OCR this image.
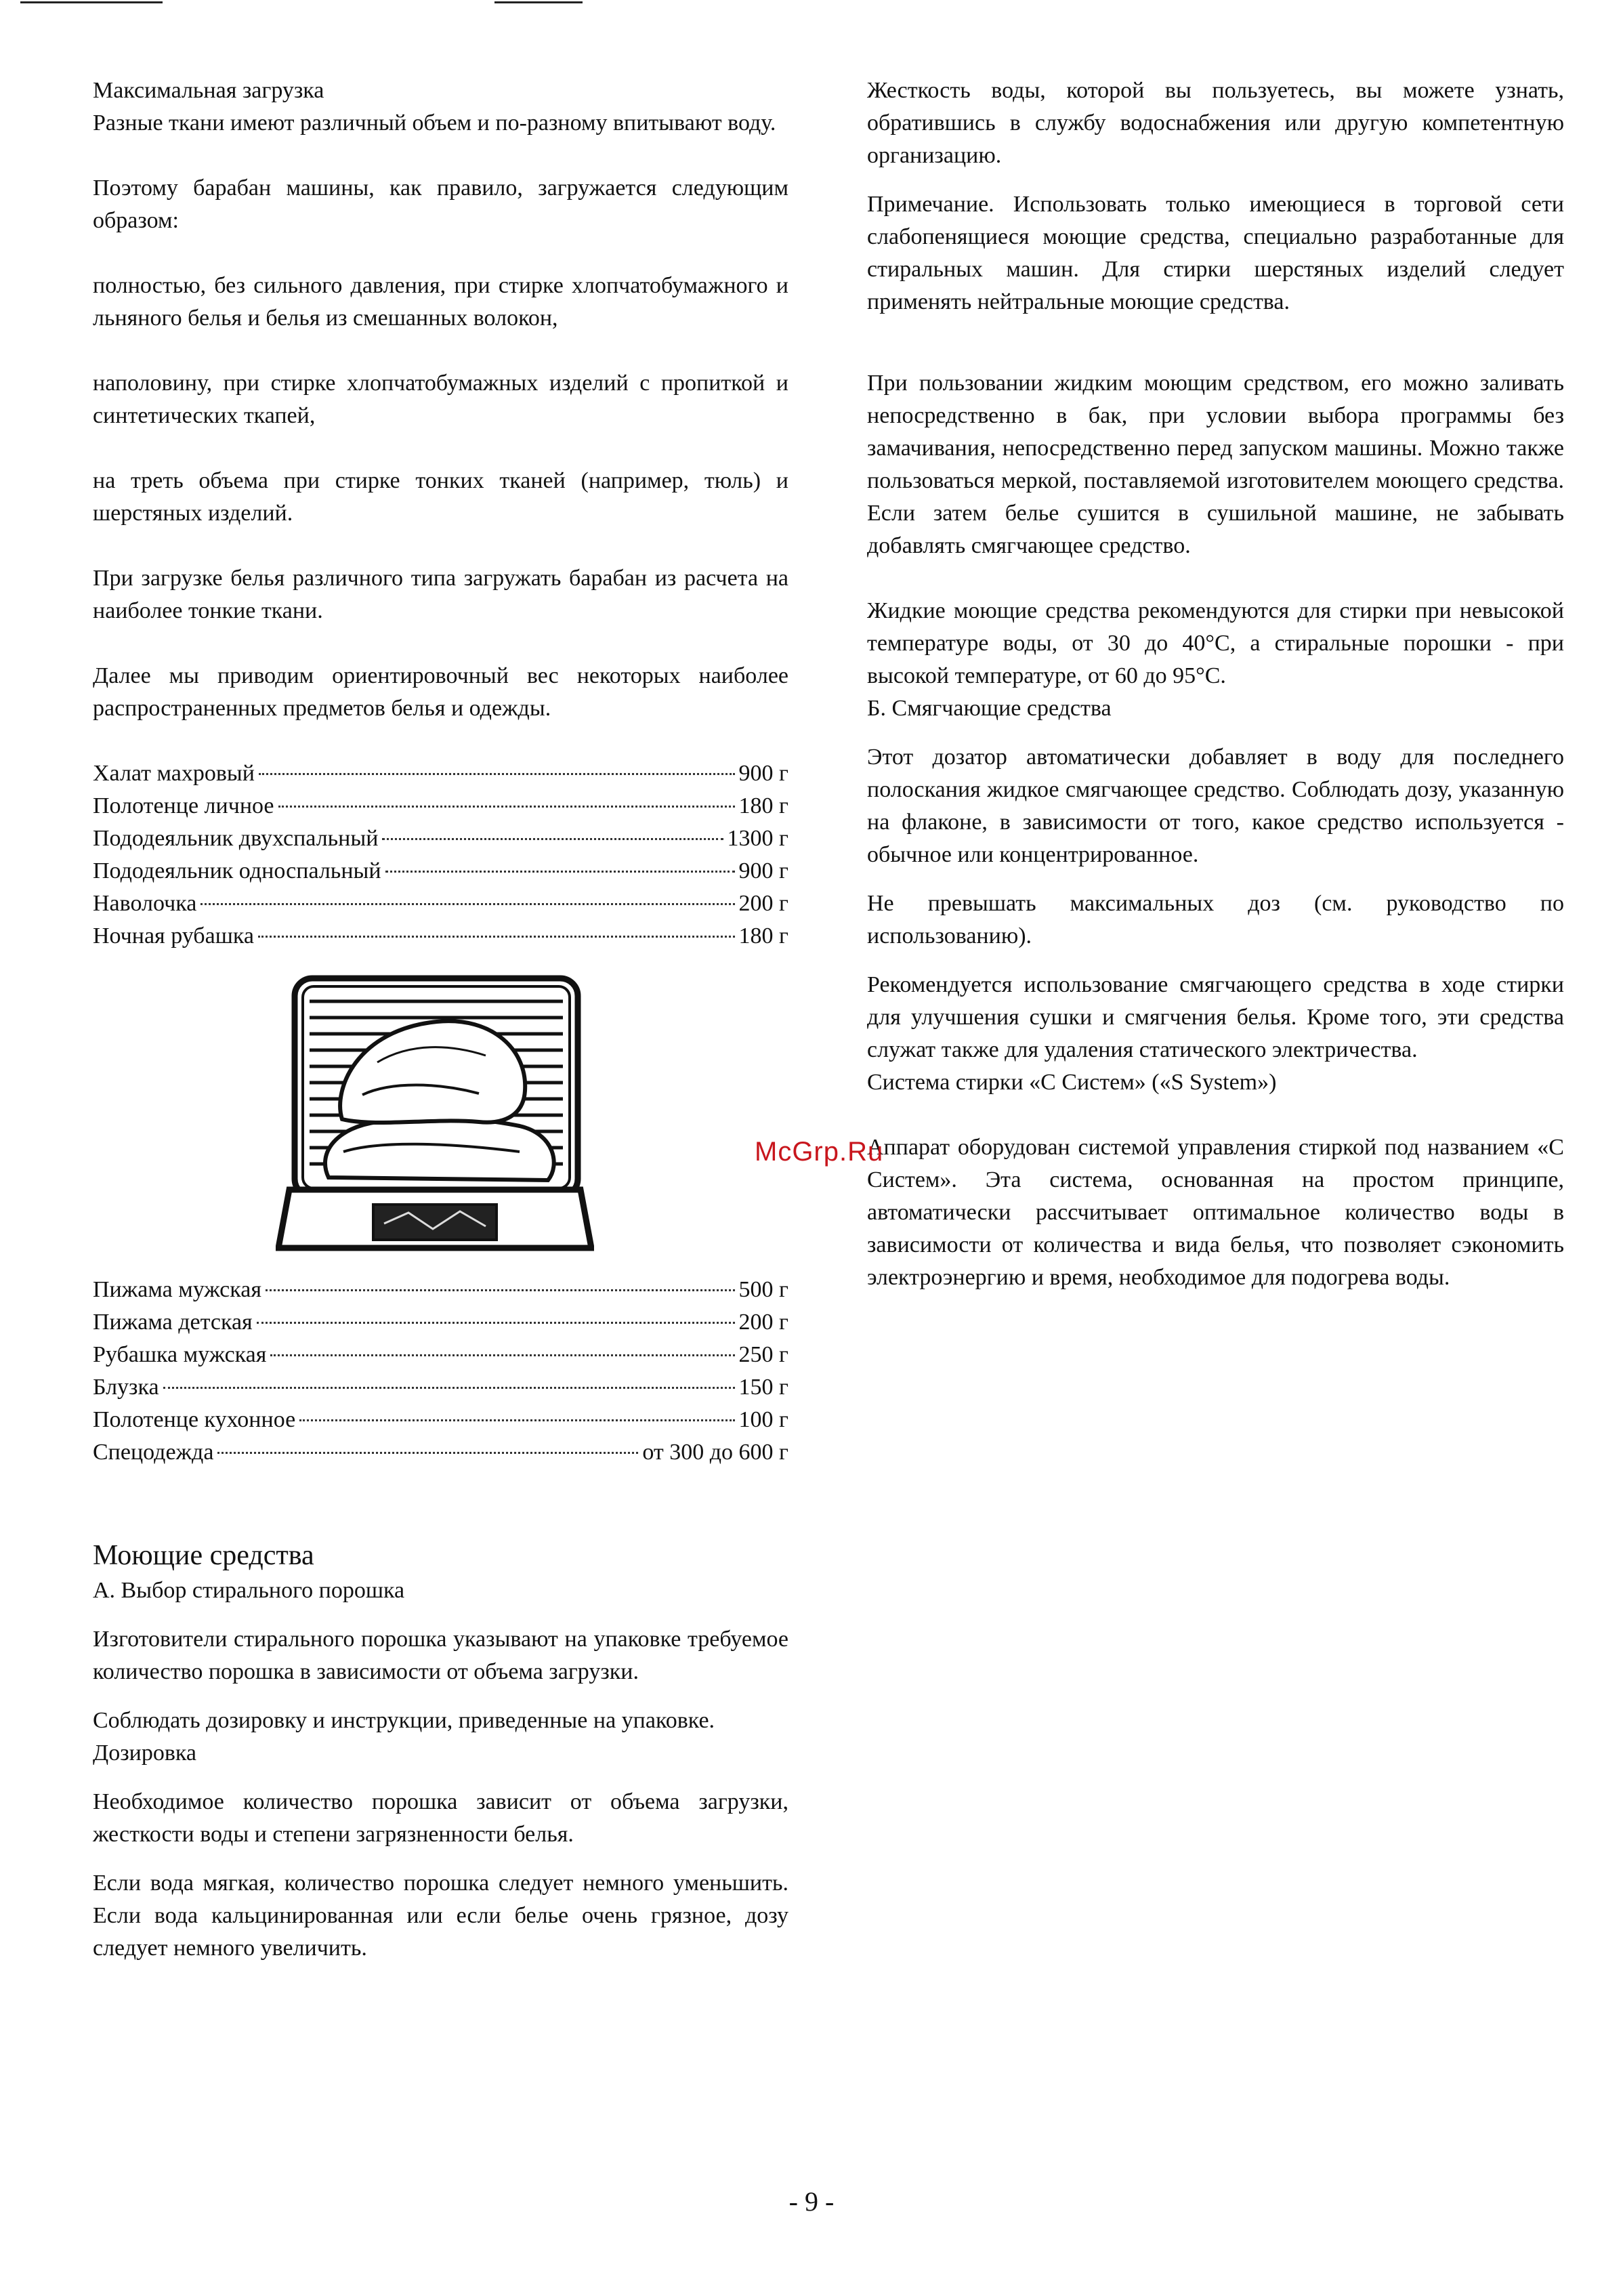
Максимальная загрузка

Разные ткани имеют различный объем и по-разному впитывают воду.

Поэтому барабан машины, как правило, загружается следующим образом:

полностью, без сильного давления, при стирке хлопчатобумажного и льняного белья и белья из смешанных волокон,

наполовину, при стирке хлопчатобумажных изделий с пропиткой и синтетических ткапей,

на треть объема при стирке тонких тканей (например, тюль) и шерстяных изделий.

При загрузке белья различного типа загружать барабан из расчета на наиболее тонкие ткани.

Далее мы приводим ориентировочный вес некоторых наиболее распространенных предметов белья и одежды.

Халат махровый	900 г
Полотенце личное	180 г
Пододеяльник двухспальный	1300 г
Пододеяльник односпальный	900 г
Наволочка	200 г
Ночная рубашка	180 г
Пижама мужская	500 г
Пижама детская	200 г
Рубашка мужская	250 г
Блузка	150 г
Полотенце кухонное	100 г
Спецодежда	от 300 до 600 г

Моющие средства

А. Выбор стирального порошка

Изготовители стирального порошка указывают на упаковке требуемое количество порошка в зависимости от объема загрузки.

Соблюдать дозировку и инструкции, приведенные на упаковке.

Дозировка

Необходимое количество порошка зависит от объема загрузки, жесткости воды и степени загрязненности белья.

Если вода мягкая, количество порошка следует немного уменьшить. Если вода кальцинированная или если белье очень грязное, дозу следует немного увеличить.

Жесткость воды, которой вы пользуетесь, вы можете узнать, обратившись в службу водоснабжения или другую компетентную организацию.

Примечание. Использовать только имеющиеся в торговой сети слабопенящиеся моющие средства, специально разработанные для стиральных машин. Для стирки шерстяных изделий следует применять нейтральные моющие средства.

При пользовании жидким моющим средством, его можно заливать непосредственно в бак, при условии выбора программы без замачивания, непосредственно перед запуском машины. Можно также пользоваться меркой, поставляемой изготовителем моющего средства. Если затем белье сушится в сушильной машине, не забывать добавлять смягчающее средство.

Жидкие моющие средства рекомендуются для стирки при невысокой температуре воды, от 30 до 40°С, а стиральные порошки - при высокой температуре, от 60 до 95°С.

Б. Смягчающие средства

Этот дозатор автоматически добавляет в воду для последнего полоскания жидкое смягчающее средство. Соблюдать дозу, указанную на флаконе, в зависимости от того, какое средство используется - обычное или концентрированное.

Не превышать максимальных доз (см. руководство по использованию).

Рекомендуется использование смягчающего средства в ходе стирки для улучшения сушки и смягчения белья. Кроме того, эти средства служат также для удаления статического электричества.

Система стирки «С Систем» («S System»)

Аппарат оборудован системой управления стиркой под названием «С Систем». Эта система, основанная на простом принципе, автоматически рассчитывает оптимальное количество воды в зависимости от количества и вида белья, что позволяет сэкономить электроэнергию и время, необходимое для подогрева воды.

McGrp.Ru
- 9 -
